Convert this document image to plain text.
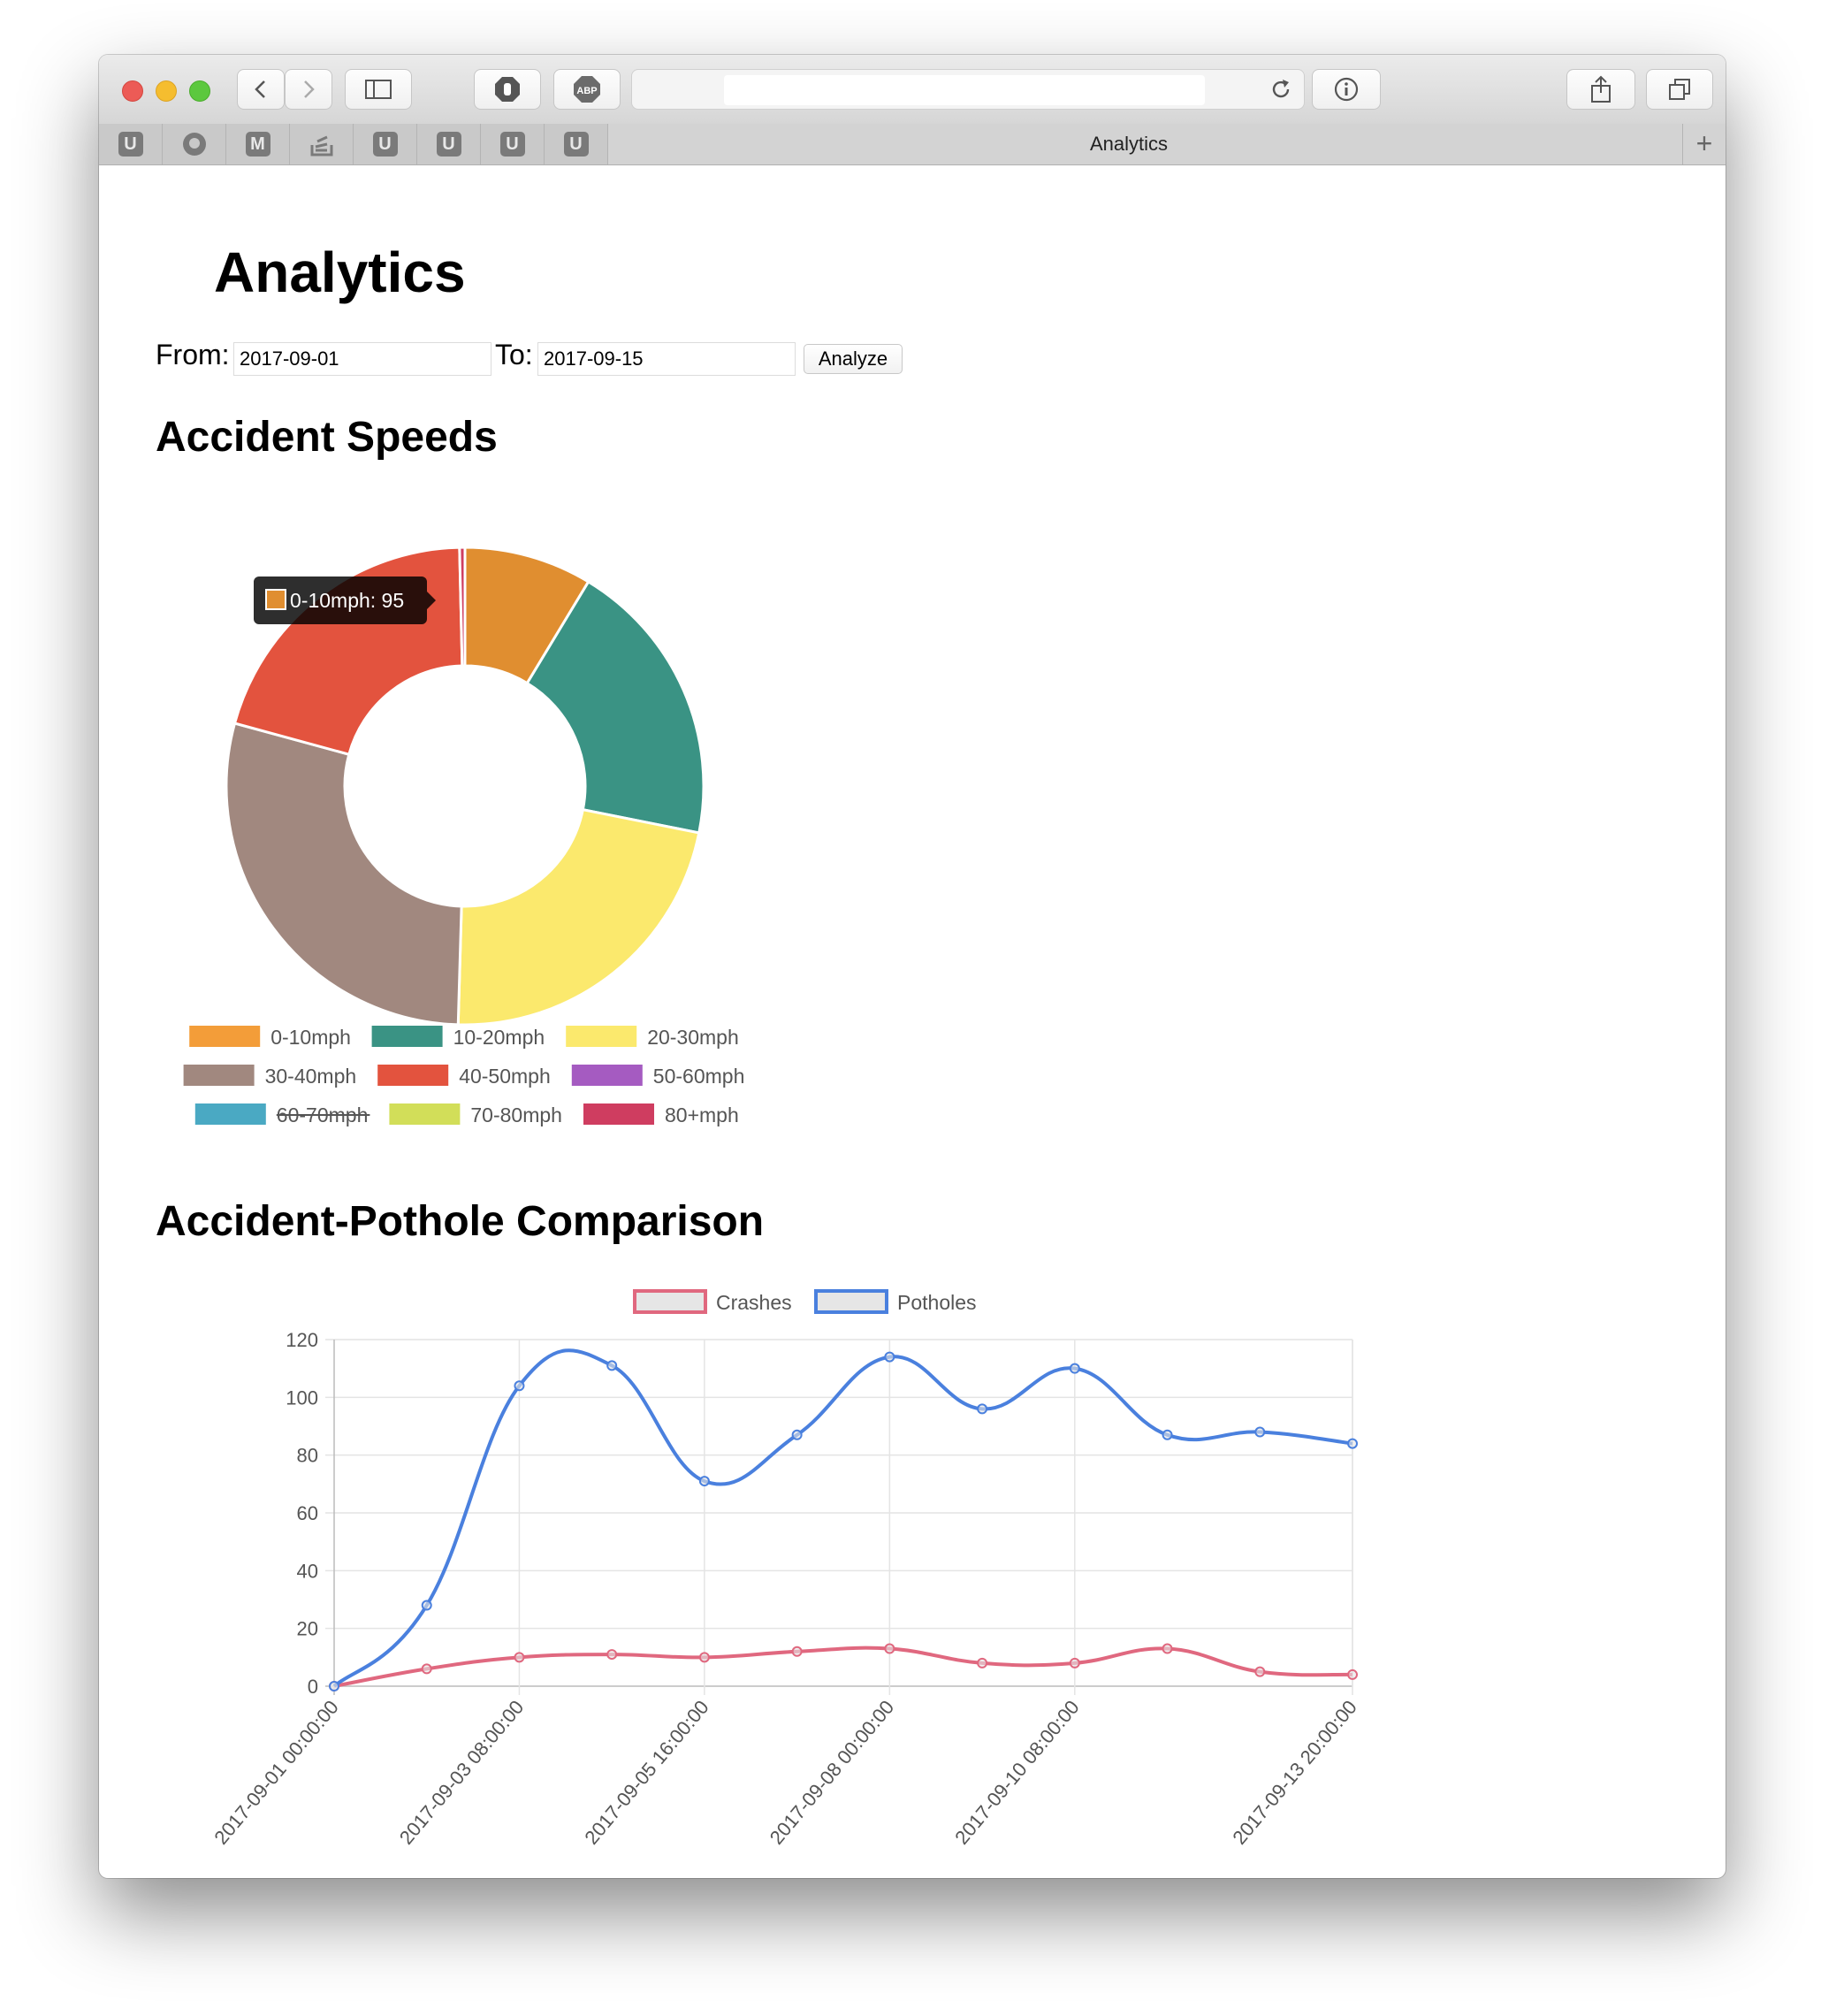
ABP
U	M	U	U	U	U	Analytics	+
Analytics
From:
2017-09-01	To:
2017-09-15	Analyze
Accident Speeds
0-10mph: 95
0-10mph	10-20mph	20-30mph
30-40mph	40-50mph	50-60mph
60-70mph	70-80mph	80+mph
Accident-Pothole Comparison
0
20
40
60
80
100
120
2017-09-01 00:00:00	2017-09-03 08:00:00	2017-09-05 16:00:00	2017-09-08 00:00:00	2017-09-10 08:00:00	2017-09-13 20:00:00
Crashes	Potholes
